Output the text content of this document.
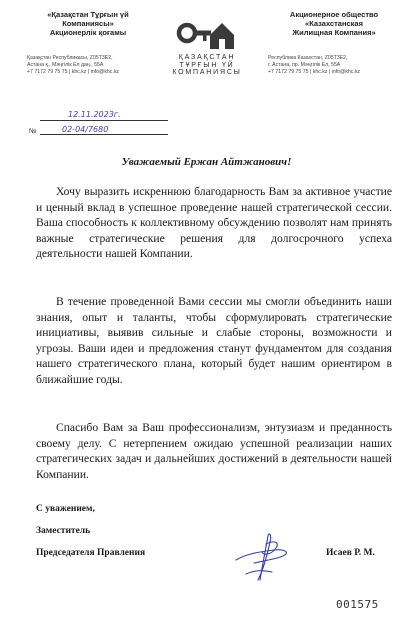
«Қазақстан Тұрғын үй
Компаниясы»
Акционерлік қоғамы
Қазақстан Республикасы, Z05T3E2,
Астана қ., Мәңгілік Ел даң., 55А
+7 7172 79 75 75 | khc.kz | info@khc.kz
ҚАЗАҚСТАН
ТҰРҒЫН ҮЙ
КОМПАНИЯСЫ
Акционерное общество
«Казахстанская
Жилищная Компания»
Республика Казахстан, Z05T3E2,
г. Астана, пр. Мәңгілік Ел, 55А
+7 7172 79 75 75 | khc.kz | info@khc.kz
12.11.2023г.
№	02-04/7680
Уважаемый Ержан Айтжанович!
Хочу выразить искреннюю благодарность Вам за активное участие и ценный вклад в успешное проведение нашей стратегической сессии. Ваша способность к коллективному обсуждению позволят нам принять важные стратегические решения для долгосрочного успеха деятельности нашей Компании.
В течение проведенной Вами сессии мы смогли объединить наши знания, опыт и таланты, чтобы сформулировать стратегические инициативы, выявив сильные и слабые стороны, возможности и угрозы. Ваши идеи и предложения станут фундаментом для создания нашего стратегического плана, который будет нашим ориентиром в ближайшие годы.
Спасибо Вам за Ваш профессионализм, энтузиазм и преданность своему делу. С нетерпением ожидаю успешной реализации наших стратегических задач и дальнейших достижений в деятельности нашей Компании.
С уважением,
Заместитель
Председателя Правления	Исаев Р. М.
001575
